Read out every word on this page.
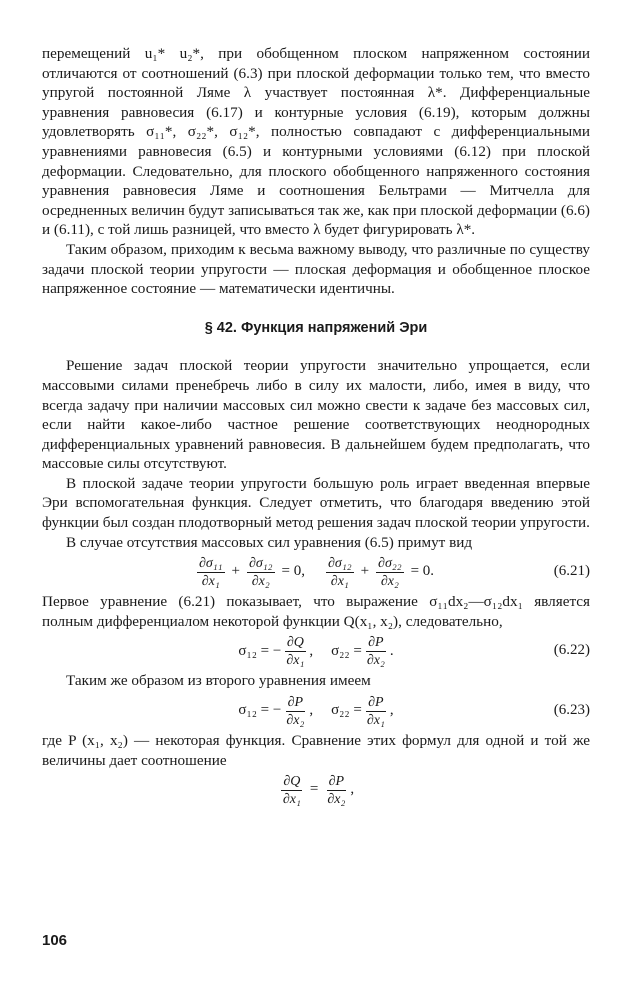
перемещений u₁* u₂*, при обобщенном плоском напряженном состоянии отличаются от соотношений (6.3) при плоской деформации только тем, что вместо упругой постоянной Ляме λ участвует постоянная λ*. Дифференциальные уравнения равновесия (6.17) и контурные условия (6.19), которым должны удовлетворять σ₁₁*, σ₂₂*, σ₁₂*, полностью совпадают с дифференциальными уравнениями равновесия (6.5) и контурными условиями (6.12) при плоской деформации. Следовательно, для плоского обобщенного напряженного состояния уравнения равновесия Ляме и соотношения Бельтрами — Митчелла для осредненных величин будут записываться так же, как при плоской деформации (6.6) и (6.11), с той лишь разницей, что вместо λ будет фигурировать λ*.

Таким образом, приходим к весьма важному выводу, что различные по существу задачи плоской теории упругости — плоская деформация и обобщенное плоское напряженное состояние — математически идентичны.

§ 42. Функция напряжений Эри

Решение задач плоской теории упругости значительно упрощается, если массовыми силами пренебречь либо в силу их малости, либо, имея в виду, что всегда задачу при наличии массовых сил можно свести к задаче без массовых сил, если найти какое-либо частное решение соответствующих неоднородных дифференциальных уравнений равновесия. В дальнейшем будем предполагать, что массовые силы отсутствуют.

В плоской задаче теории упругости большую роль играет введенная впервые Эри вспомогательная функция. Следует отметить, что благодаря введению этой функции был создан плодотворный метод решения задач плоской теории упругости.

В случае отсутствия массовых сил уравнения (6.5) примут вид

$\frac{\text{∂σ₁₁}}{\text{∂x₁}} + \frac{\text{∂σ₁₂}}{\text{∂x₂}} = 0$, $\frac{\text{∂σ₁₂}}{\text{∂x₁}} + \frac{\text{∂σ₂₂}}{\text{∂x₂}} = 0$.	(6.21)

Первое уравнение (6.21) показывает, что выражение σ₁₁dx₂—σ₁₂dx₁ является полным дифференциалом некоторой функции Q(x₁, x₂), следовательно,

σ₁₂ = − $\frac{\partial Q}{\text{∂x₁}}$ , $\sigma_{22} = \frac{\partial P}{\text{∂x₂}}$ .	(6.22)

Таким же образом из второго уравнения имеем

σ₁₂ = − $\frac{\partial P}{\text{∂x₂}}$ , $\sigma_{22} = \frac{\partial P}{\text{∂x₁}}$ ,	(6.23)

где P (x₁, x₂) — некоторая функция. Сравнение этих формул для одной и той же величины дает соотношение

$\frac{\partial Q}{\text{∂x₁}} = \frac{\partial P}{\text{∂x₂}}$ ,
106
